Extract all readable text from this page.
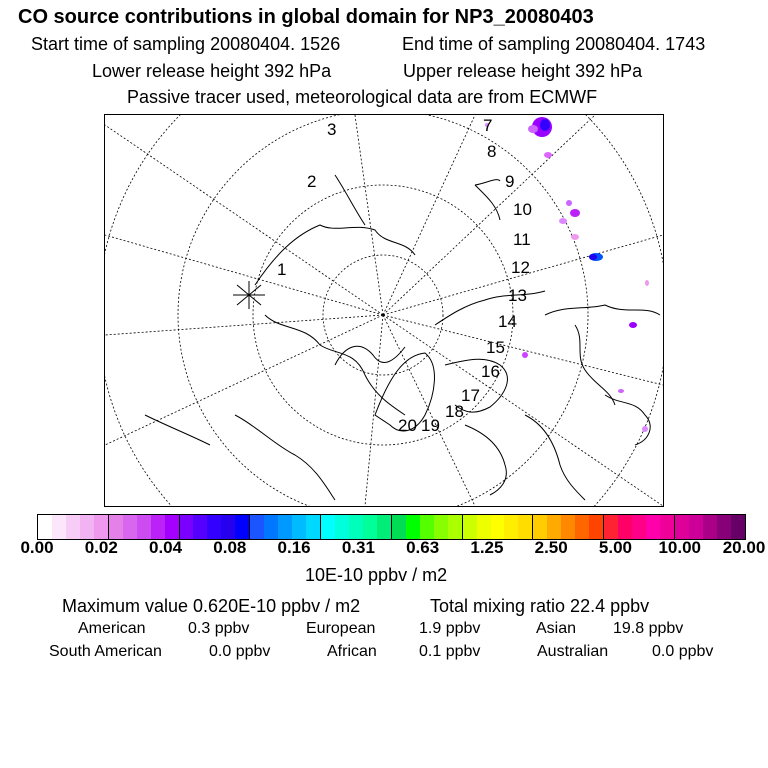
CO source contributions in global domain for NP3_20080403
Start time of sampling 20080404. 1526	End time of sampling 20080404. 1743
Lower release height 392 hPa	Upper release height 392 hPa
Passive tracer used, meteorological data are from ECMWF
1
2
3	7
8
9
10
11
12
13
14
15
16
17
18
19
20
0.00 0.02 0.04 0.08 0.16 0.31 0.63 1.25 2.50 5.00 10.00 20.00
10E-10 ppbv / m2
Maximum value 0.620E-10 ppbv / m2	Total mixing ratio 22.4 ppbv
American	0.3 ppbv	European	1.9 ppbv	Asian 19.8 ppbv
South American	0.0 ppbv	African	0.1 ppbv	Australian	0.0 ppbv
